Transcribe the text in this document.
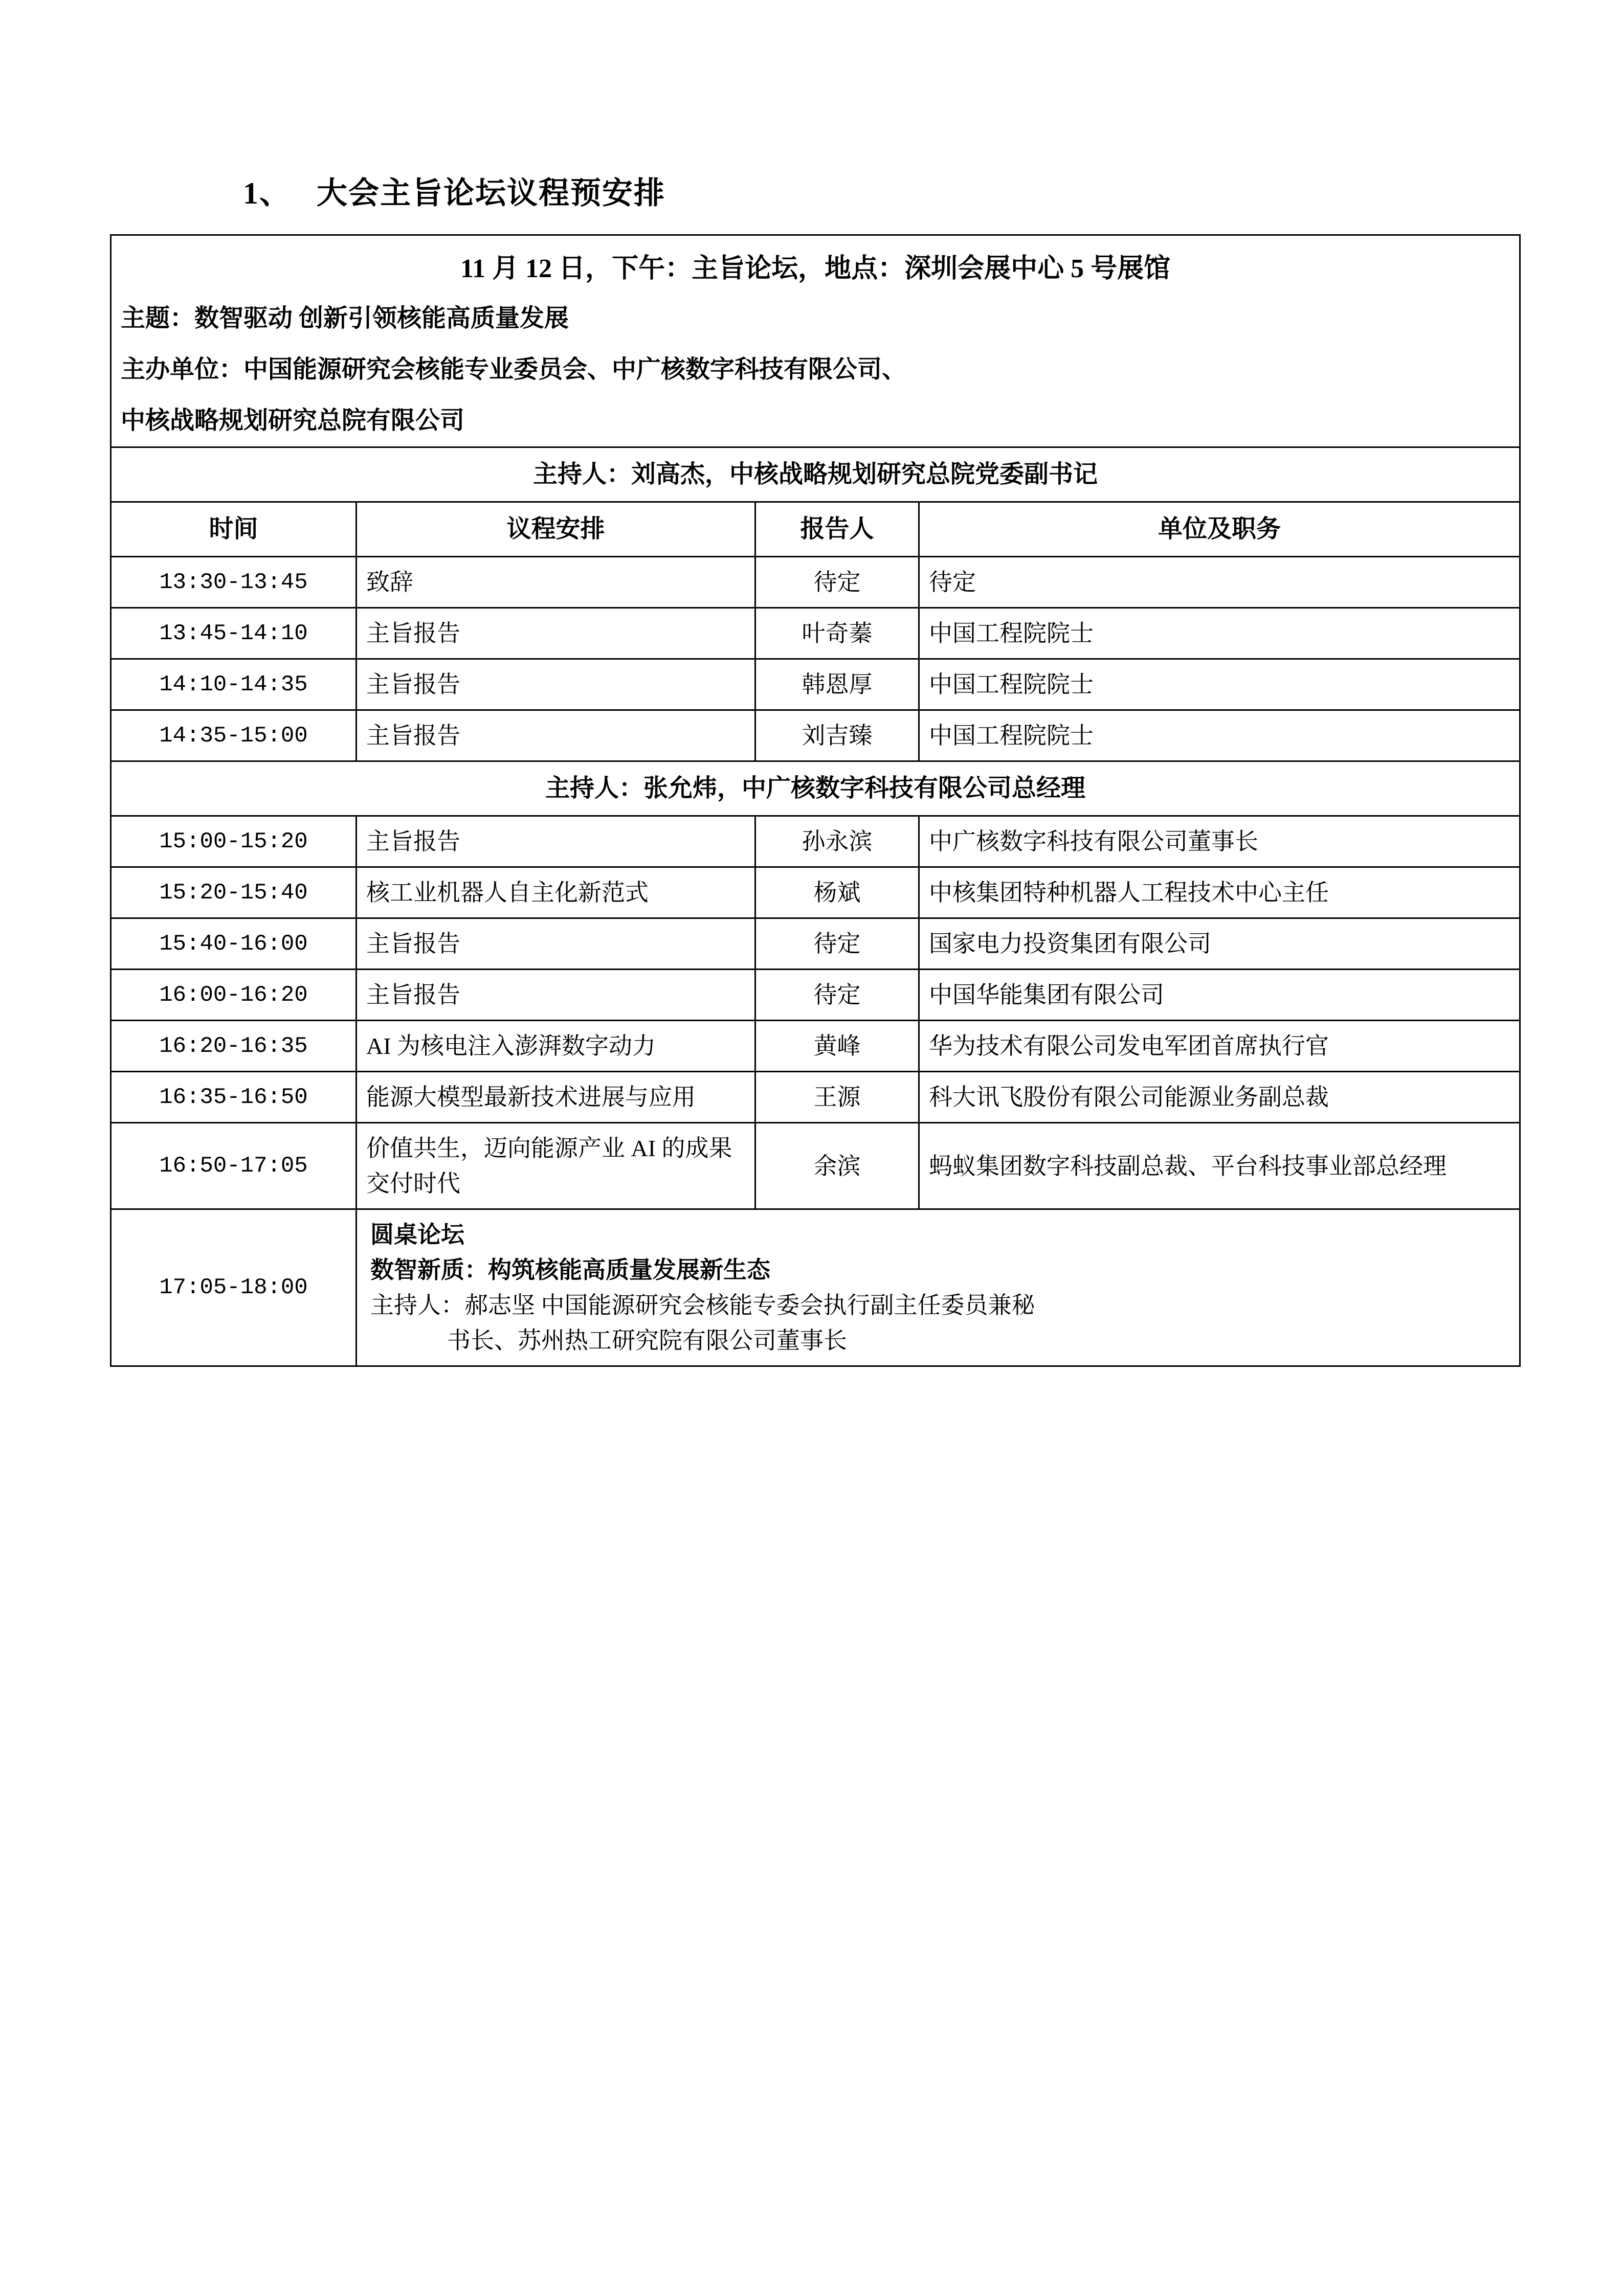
1、 大会主旨论坛议程预安排
11 月 12 日，下午：主旨论坛，地点：深圳会展中心 5 号展馆			
主题：数智驱动 创新引领核能高质量发展			
主办单位：中国能源研究会核能专业委员会、中广核数字科技有限公司、			
中核战略规划研究总院有限公司			
主持人：刘高杰，中核战略规划研究总院党委副书记			
时间	议程安排	报告人	单位及职务
13:30-13:45	致辞	待定	待定
13:45-14:10	主旨报告	叶奇蓁	中国工程院院士
14:10-14:35	主旨报告	韩恩厚	中国工程院院士
14:35-15:00	主旨报告	刘吉臻	中国工程院院士
主持人：张允炜，中广核数字科技有限公司总经理			
15:00-15:20	主旨报告	孙永滨	中广核数字科技有限公司董事长
15:20-15:40	核工业机器人自主化新范式	杨斌	中核集团特种机器人工程技术中心主任
15:40-16:00	主旨报告	待定	国家电力投资集团有限公司
16:00-16:20	主旨报告	待定	中国华能集团有限公司
16:20-16:35	AI 为核电注入澎湃数字动力	黄峰	华为技术有限公司发电军团首席执行官
16:35-16:50	能源大模型最新技术进展与应用	王源	科大讯飞股份有限公司能源业务副总裁
16:50-17:05	价值共生，迈向能源产业 AI 的成果交付时代	余滨	蚂蚁集团数字科技副总裁、平台科技事业部总经理
17:05-18:00	圆桌论坛
数智新质：构筑核能高质量发展新生态
主持人：郝志坚 中国能源研究会核能专委会执行副主任委员兼秘
书长、苏州热工研究院有限公司董事长		
